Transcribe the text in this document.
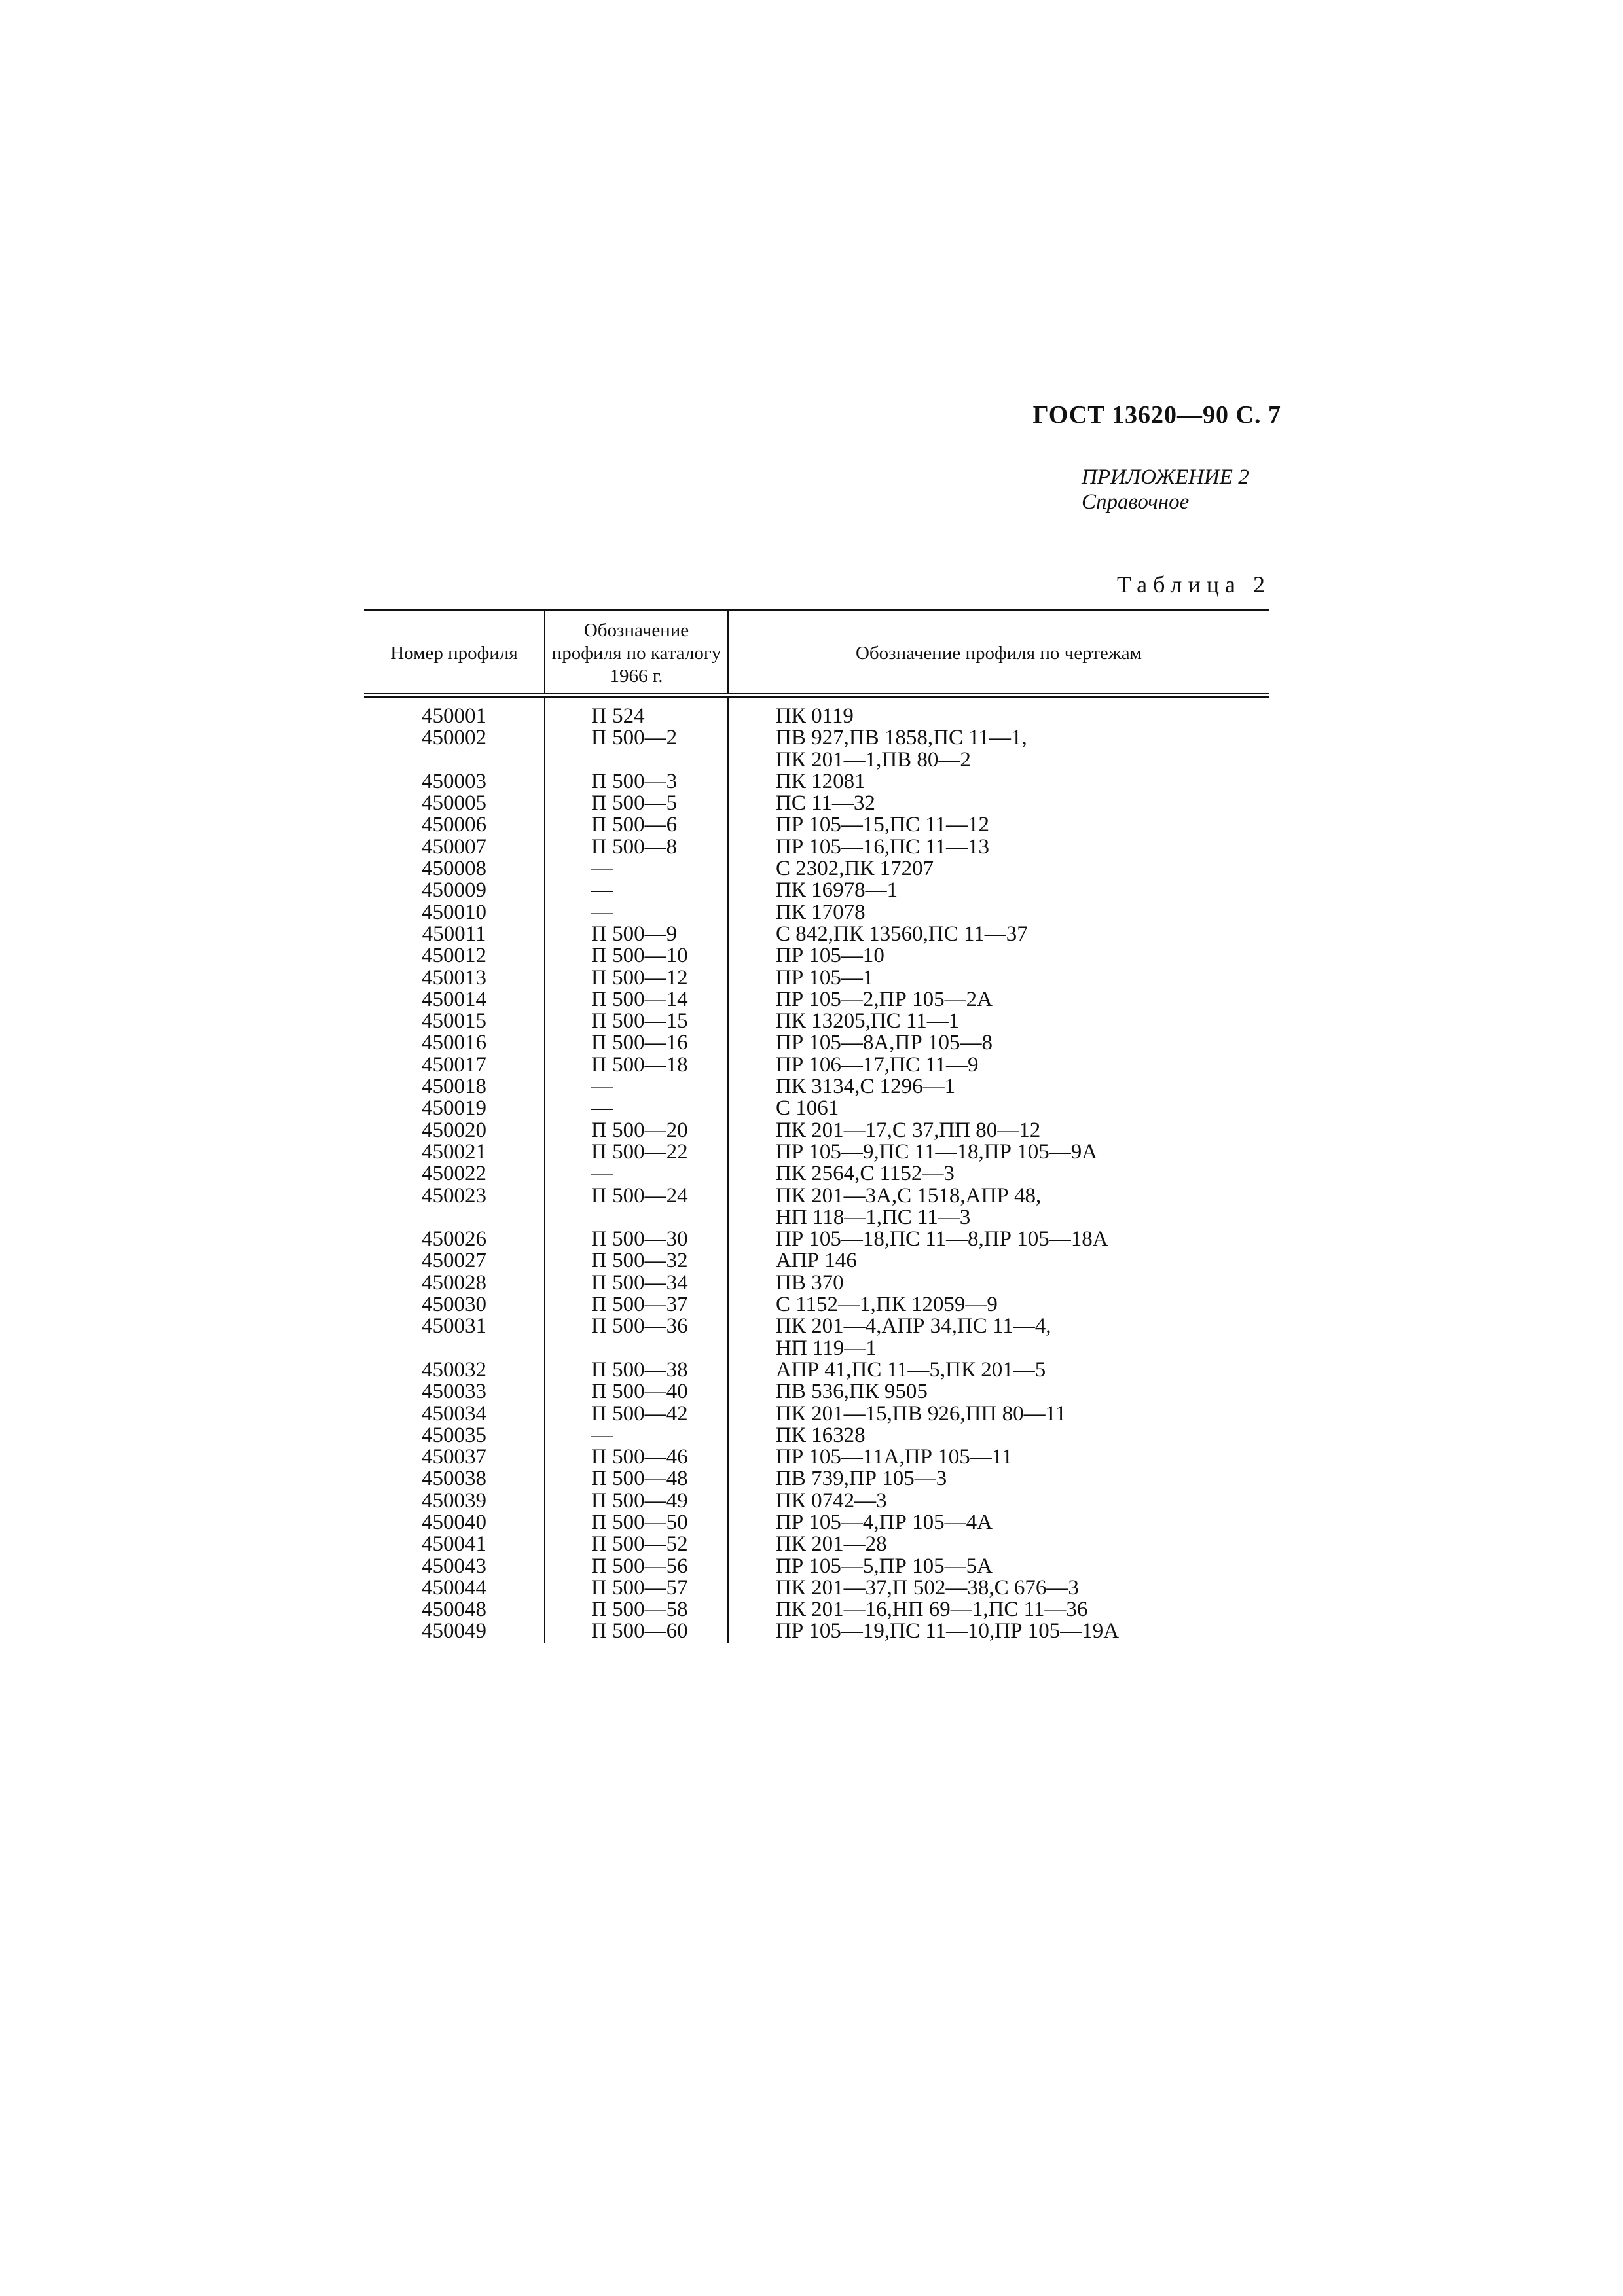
ГОСТ 13620—90 С. 7
ПРИЛОЖЕНИЕ 2
Справочное
Таблица 2
Номер профиля	Обозначение профиля по каталогу 1966 г.	Обозначение профиля по чертежам
450001	П 524	ПК 0119
450002	П 500—2	ПВ 927,ПВ 1858,ПС 11—1,
ПК 201—1,ПВ 80—2
450003	П 500—3	ПК 12081
450005	П 500—5	ПС 11—32
450006	П 500—6	ПР 105—15,ПС 11—12
450007	П 500—8	ПР 105—16,ПС 11—13
450008	—	С 2302,ПК 17207
450009	—	ПК 16978—1
450010	—	ПК 17078
450011	П 500—9	С 842,ПК 13560,ПС 11—37
450012	П 500—10	ПР 105—10
450013	П 500—12	ПР 105—1
450014	П 500—14	ПР 105—2,ПР 105—2А
450015	П 500—15	ПК 13205,ПС 11—1
450016	П 500—16	ПР 105—8А,ПР 105—8
450017	П 500—18	ПР 106—17,ПС 11—9
450018	—	ПК 3134,С 1296—1
450019	—	С 1061
450020	П 500—20	ПК 201—17,С 37,ПП 80—12
450021	П 500—22	ПР 105—9,ПС 11—18,ПР 105—9А
450022	—	ПК 2564,С 1152—3
450023	П 500—24	ПК 201—3А,С 1518,АПР 48,
НП 118—1,ПС 11—3
450026	П 500—30	ПР 105—18,ПС 11—8,ПР 105—18А
450027	П 500—32	АПР 146
450028	П 500—34	ПВ 370
450030	П 500—37	С 1152—1,ПК 12059—9
450031	П 500—36	ПК 201—4,АПР 34,ПС 11—4,
НП 119—1
450032	П 500—38	АПР 41,ПС 11—5,ПК 201—5
450033	П 500—40	ПВ 536,ПК 9505
450034	П 500—42	ПК 201—15,ПВ 926,ПП 80—11
450035	—	ПК 16328
450037	П 500—46	ПР 105—11А,ПР 105—11
450038	П 500—48	ПВ 739,ПР 105—3
450039	П 500—49	ПК 0742—3
450040	П 500—50	ПР 105—4,ПР 105—4А
450041	П 500—52	ПК 201—28
450043	П 500—56	ПР 105—5,ПР 105—5А
450044	П 500—57	ПК 201—37,П 502—38,С 676—3
450048	П 500—58	ПК 201—16,НП 69—1,ПС 11—36
450049	П 500—60	ПР 105—19,ПС 11—10,ПР 105—19А
